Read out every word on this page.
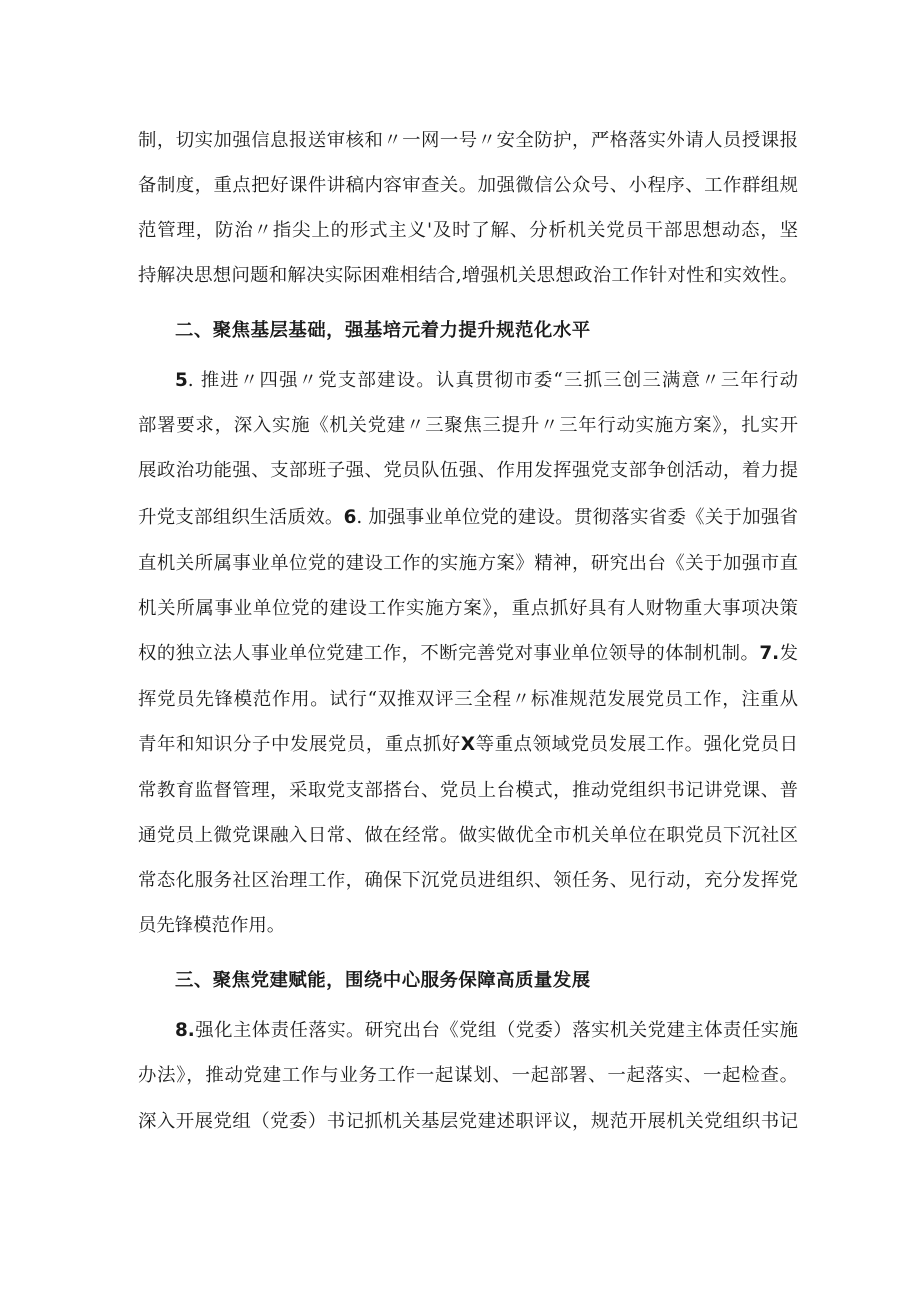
制，切实加强信息报送审核和〃一网一号〃安全防护，严格落实外请人员授课报
备制度，重点把好课件讲稿内容审查关。加强微信公众号、小程序、工作群组规
范管理，防治〃指尖上的形式主义'及时了解、分析机关党员干部思想动态，坚
持解决思想问题和解决实际困难相结合,增强机关思想政治工作针对性和实效性。
二、聚焦基层基础，强基培元着力提升规范化水平
5. 推进〃四强〃党支部建设。认真贯彻市委“三抓三创三满意〃三年行动
部署要求，深入实施《机关党建〃三聚焦三提升〃三年行动实施方案》，扎实开
展政治功能强、支部班子强、党员队伍强、作用发挥强党支部争创活动，着力提
升党支部组织生活质效。6. 加强事业单位党的建设。贯彻落实省委《关于加强省
直机关所属事业单位党的建设工作的实施方案》精神，研究出台《关于加强市直
机关所属事业单位党的建设工作实施方案》，重点抓好具有人财物重大事项决策
权的独立法人事业单位党建工作，不断完善党对事业单位领导的体制机制。7.发
挥党员先锋模范作用。试行“双推双评三全程〃标准规范发展党员工作，注重从
青年和知识分子中发展党员，重点抓好X等重点领域党员发展工作。强化党员日
常教育监督管理，采取党支部搭台、党员上台模式，推动党组织书记讲党课、普
通党员上微党课融入日常、做在经常。做实做优全市机关单位在职党员下沉社区
常态化服务社区治理工作，确保下沉党员进组织、领任务、见行动，充分发挥党
员先锋模范作用。
三、聚焦党建赋能，围绕中心服务保障高质量发展
8.强化主体责任落实。研究出台《党组（党委）落实机关党建主体责任实施
办法》，推动党建工作与业务工作一起谋划、一起部署、一起落实、一起检查。
深入开展党组（党委）书记抓机关基层党建述职评议，规范开展机关党组织书记
